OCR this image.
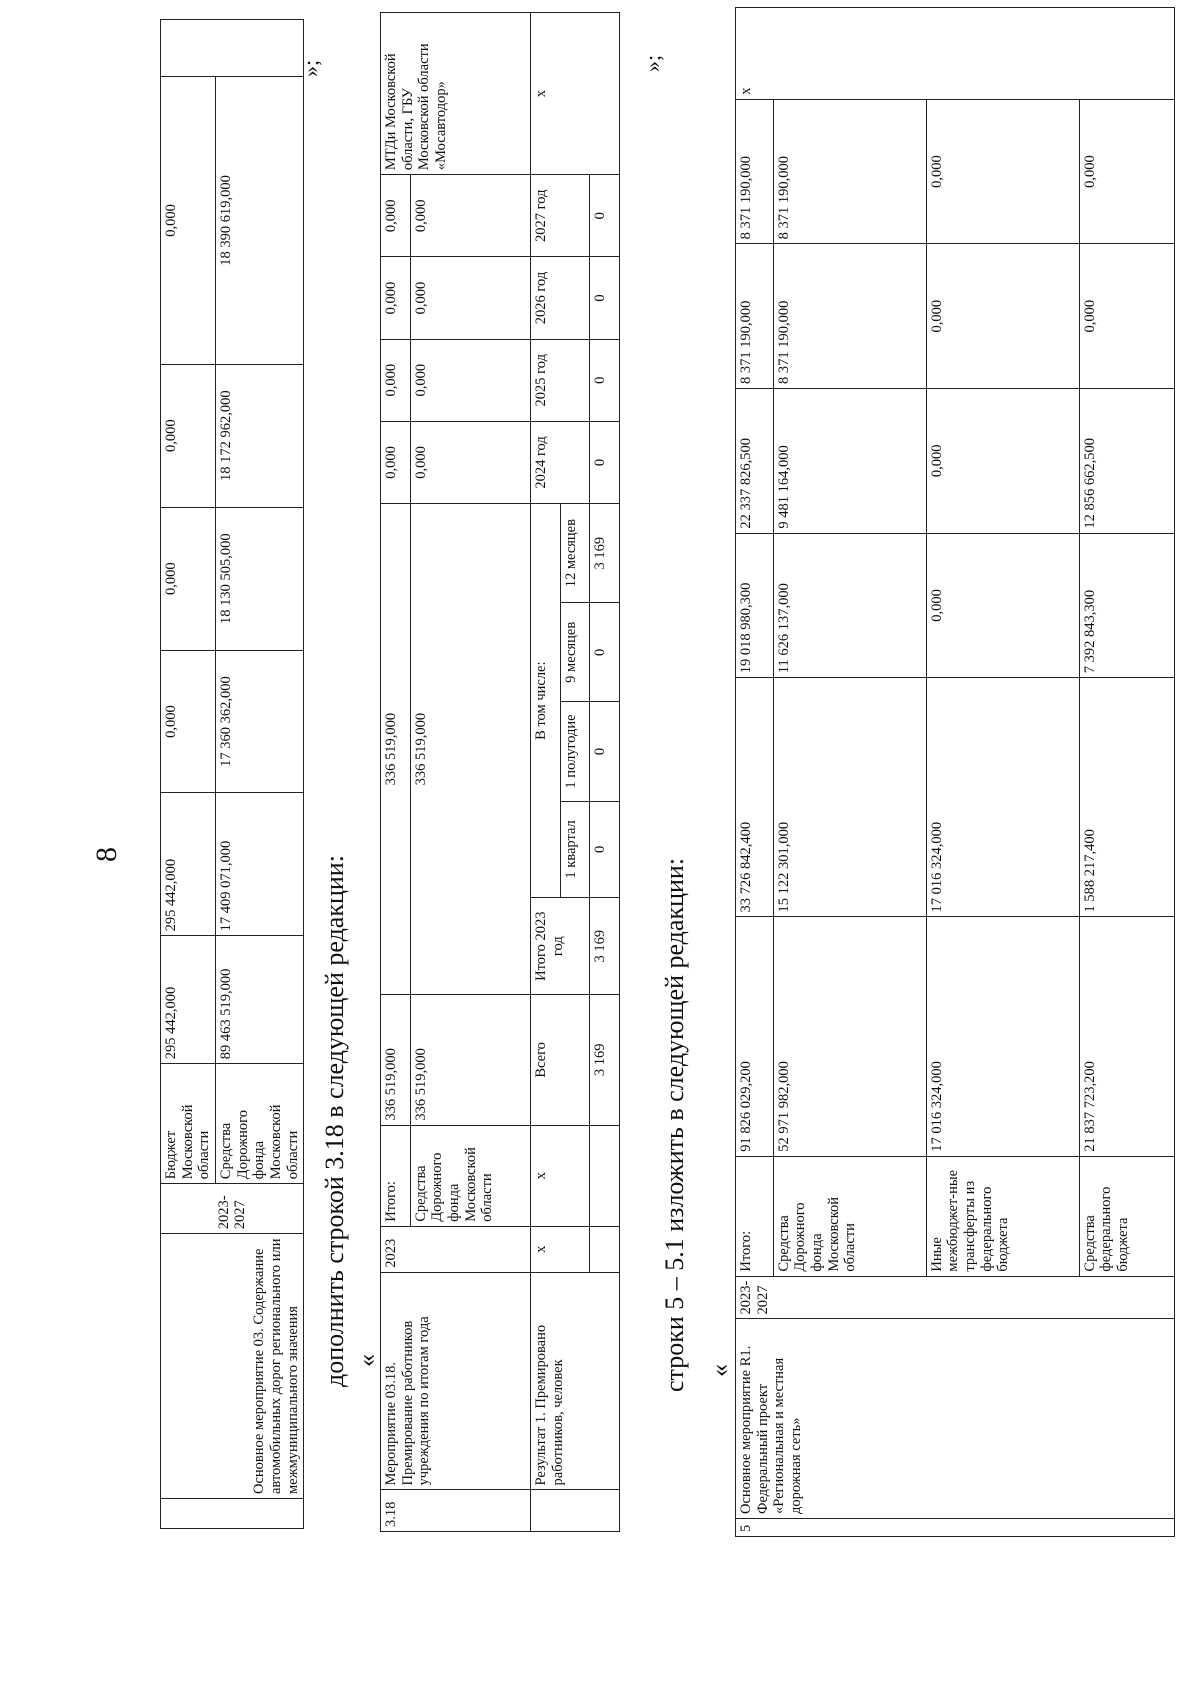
8
	Основное мероприятие 03. Содержание автомобильных дорог регионального или межмуниципального значения	2023-2027	Бюджет Московской области	295 442,000	295 442,000	0,000	0,000	0,000	0,000	
			Средства Дорожного фонда Московской области	89 463 519,000	17 409 071,000	17 360 362,000	18 130 505,000	18 172 962,000	18 390 619,000	
»;
дополнить строкой 3.18 в следующей редакции: «
3.18	Мероприятие 03.18. Премирование работников учреждения по итогам года	2023	Итого:	336 519,000	336 519,000					0,000	0,000	0,000	0,000	МТДи Московской области, ГБУ Московской области «Мосавтодор»
			Средства Дорожного фонда Московской области	336 519,000	336 519,000					0,000	0,000	0,000	0,000	
	Результат 1. Премировано работников, человек	х	х	Всего	Итого 2023 год	В том числе:				2024 год	2025 год	2026 год	2027 год	х
						1 квартал	1 полугодие	9 месяцев	12 месяцев					
				3 169	3 169	0	0	0	3 169	0	0	0	0	
»;
строки 5 – 5.1 изложить в следующей редакции: «
5	Основное мероприятие R1. Федеральный проект «Региональная и местная дорожная сеть»	2023-2027	Итого:	91 826 029,200	33 726 842,400	19 018 980,300	22 337 826,500	8 371 190,000	8 371 190,000	х
			Средства Дорожного фонда Московской области	52 971 982,000	15 122 301,000	11 626 137,000	9 481 164,000	8 371 190,000	8 371 190,000	
			Иные межбюджет-ные трансферты из федерального бюджета	17 016 324,000	17 016 324,000	0,000	0,000	0,000	0,000	
			Средства федерального бюджета	21 837 723,200	1 588 217,400	7 392 843,300	12 856 662,500	0,000	0,000	
